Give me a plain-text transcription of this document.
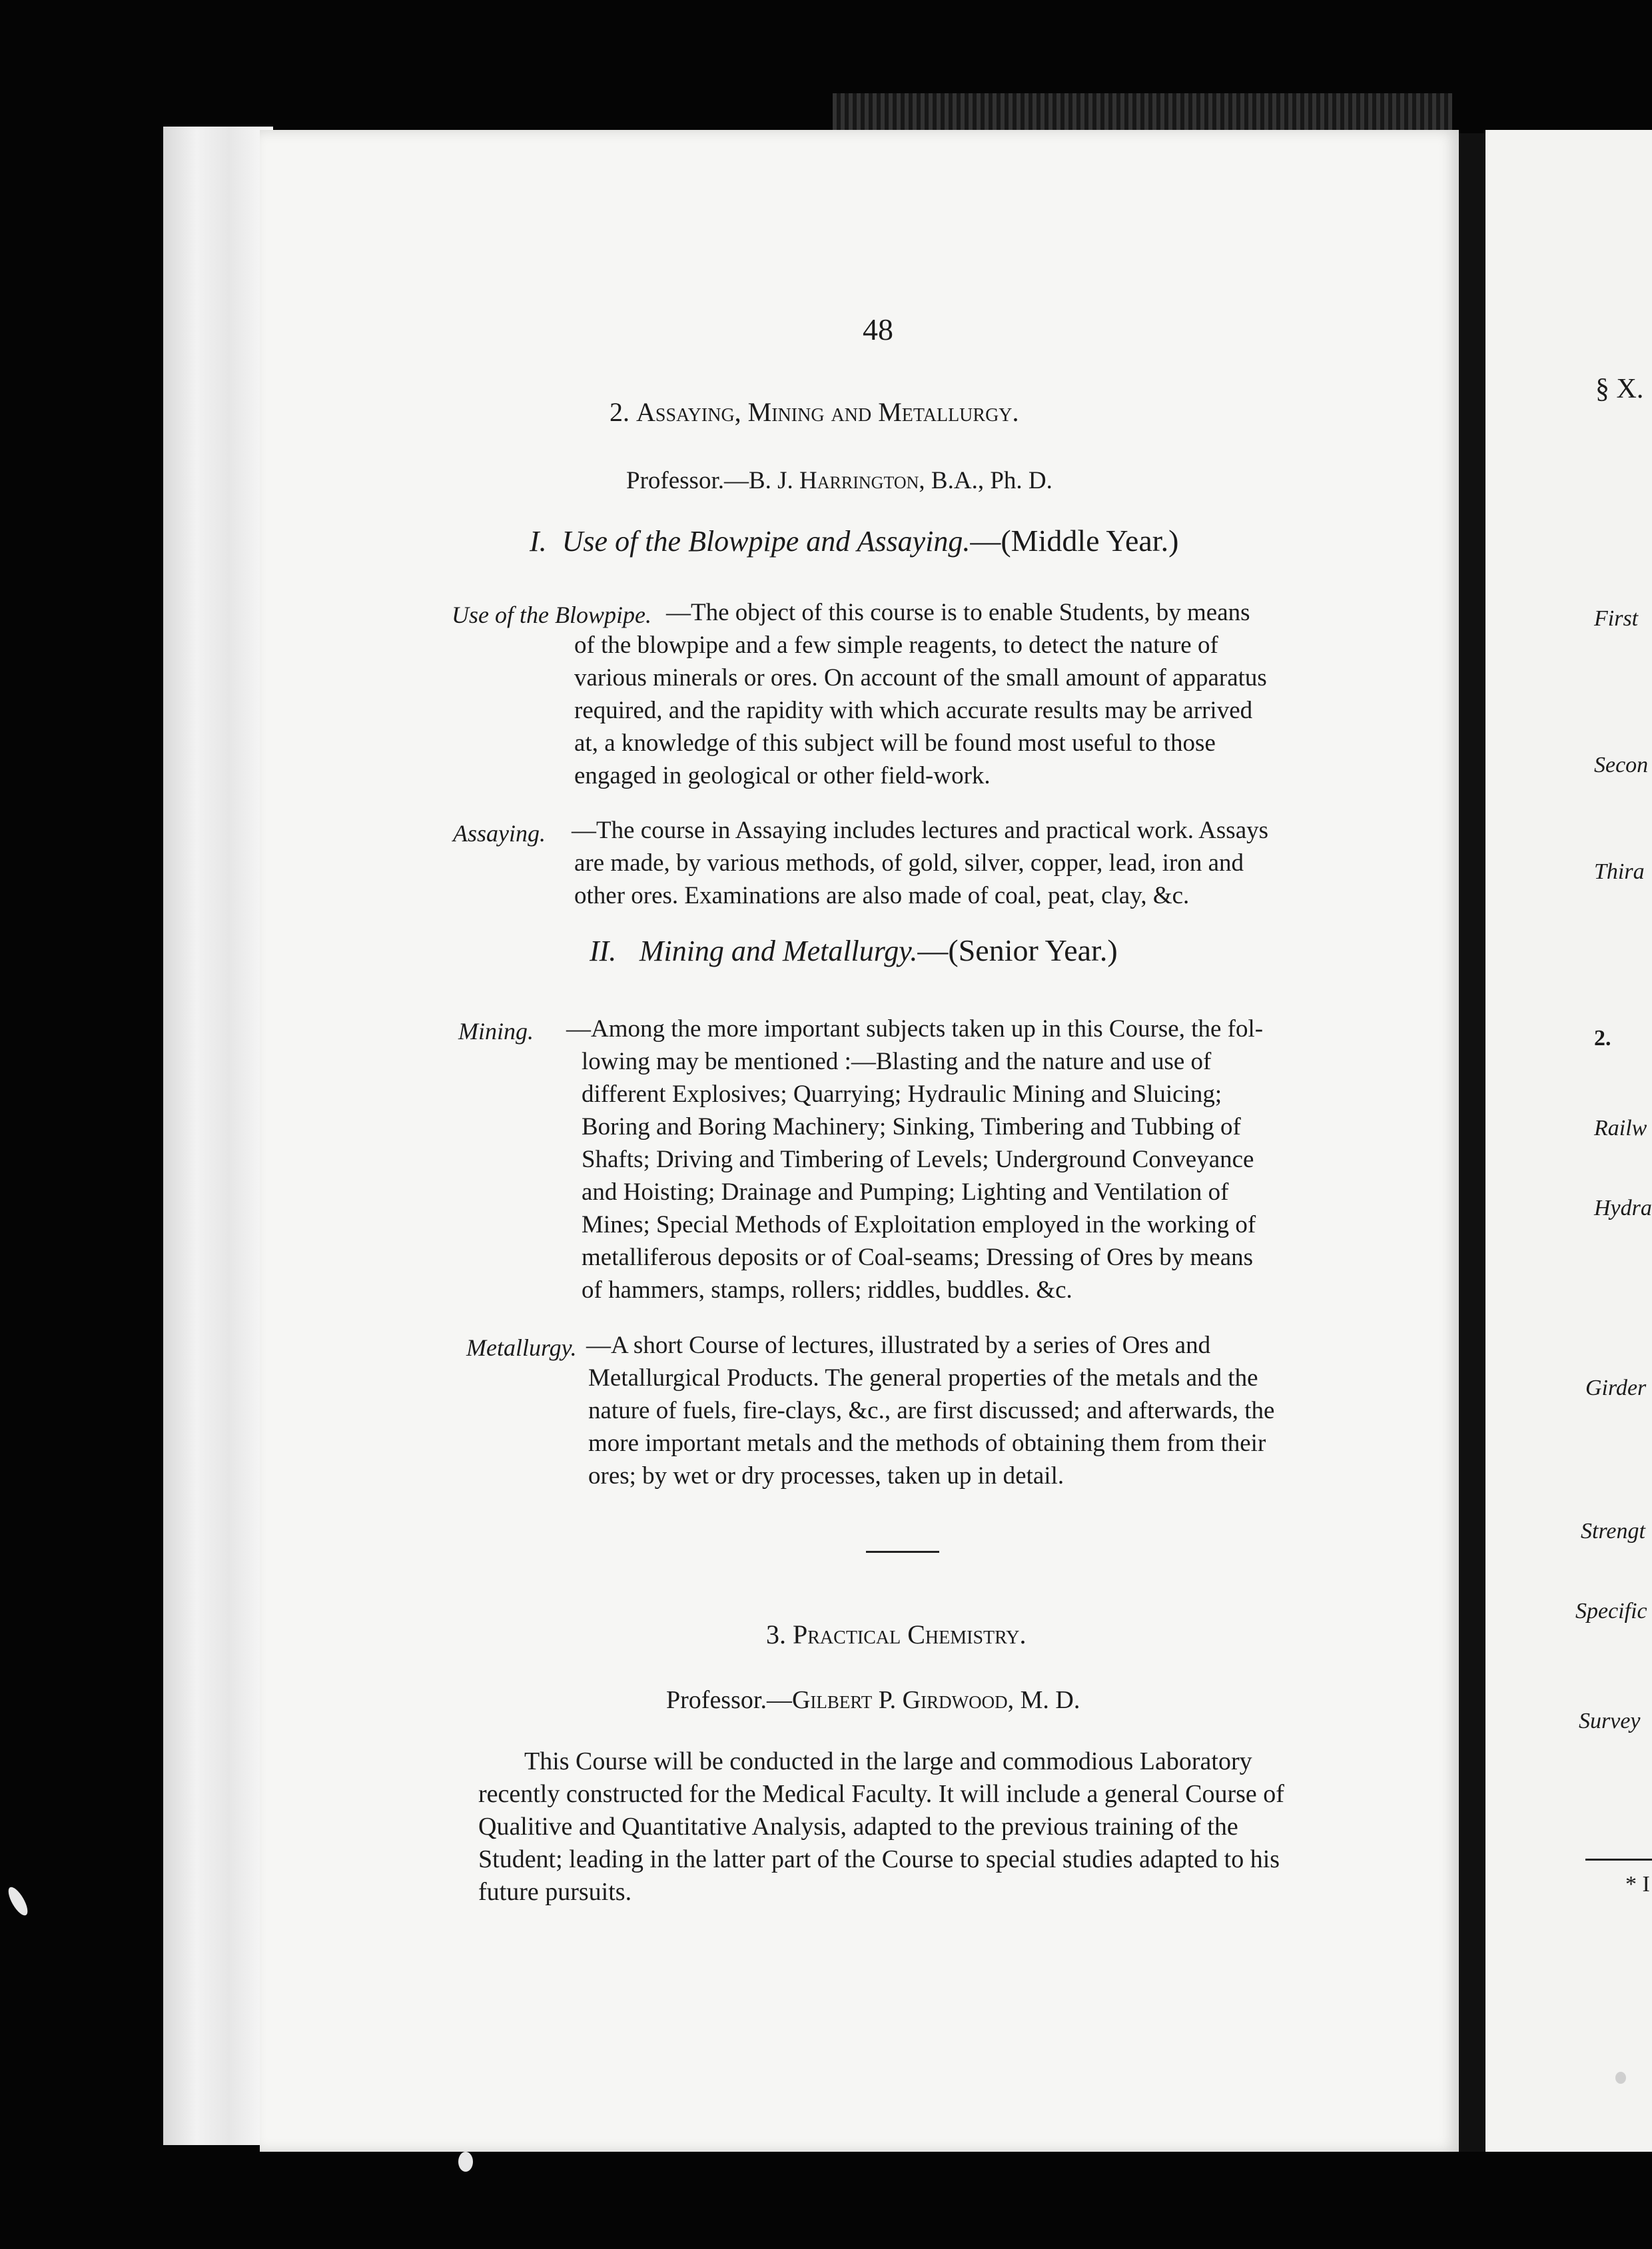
48
2. Assaying, Mining and Metallurgy.
Professor.—B. J. Harrington, B.A., Ph. D.
I. Use of the Blowpipe and Assaying.—(Middle Year.)
Use of the Blowpipe. —The object of this course is to enable Students, by means
of the blowpipe and a few simple reagents, to detect the nature of
various minerals or ores. On account of the small amount of apparatus
required, and the rapidity with which accurate results may be arrived
at, a knowledge of this subject will be found most useful to those
engaged in geological or other field-work.
Assaying. —The course in Assaying includes lectures and practical work. Assays
are made, by various methods, of gold, silver, copper, lead, iron and
other ores. Examinations are also made of coal, peat, clay, &c.
II. Mining and Metallurgy.—(Senior Year.)
Mining. —Among the more important subjects taken up in this Course, the fol-
lowing may be mentioned :—Blasting and the nature and use of
different Explosives; Quarrying; Hydraulic Mining and Sluicing;
Boring and Boring Machinery; Sinking, Timbering and Tubbing of
Shafts; Driving and Timbering of Levels; Underground Conveyance
and Hoisting; Drainage and Pumping; Lighting and Ventilation of
Mines; Special Methods of Exploitation employed in the working of
metalliferous deposits or of Coal-seams; Dressing of Ores by means
of hammers, stamps, rollers; riddles, buddles. &c.
Metallurgy. —A short Course of lectures, illustrated by a series of Ores and
Metallurgical Products. The general properties of the metals and the
nature of fuels, fire-clays, &c., are first discussed; and afterwards, the
more important metals and the methods of obtaining them from their
ores; by wet or dry processes, taken up in detail.
3. Practical Chemistry.
Professor.—Gilbert P. Girdwood, M. D.
This Course will be conducted in the large and commodious Laboratory
recently constructed for the Medical Faculty. It will include a general Course of
Qualitive and Quantitative Analysis, adapted to the previous training of the
Student; leading in the latter part of the Course to special studies adapted to his
future pursuits.
§ X.
First
Secon
Thira
2.
Railw
Hydra
Girder
Strengt
Specific
Survey
* I
